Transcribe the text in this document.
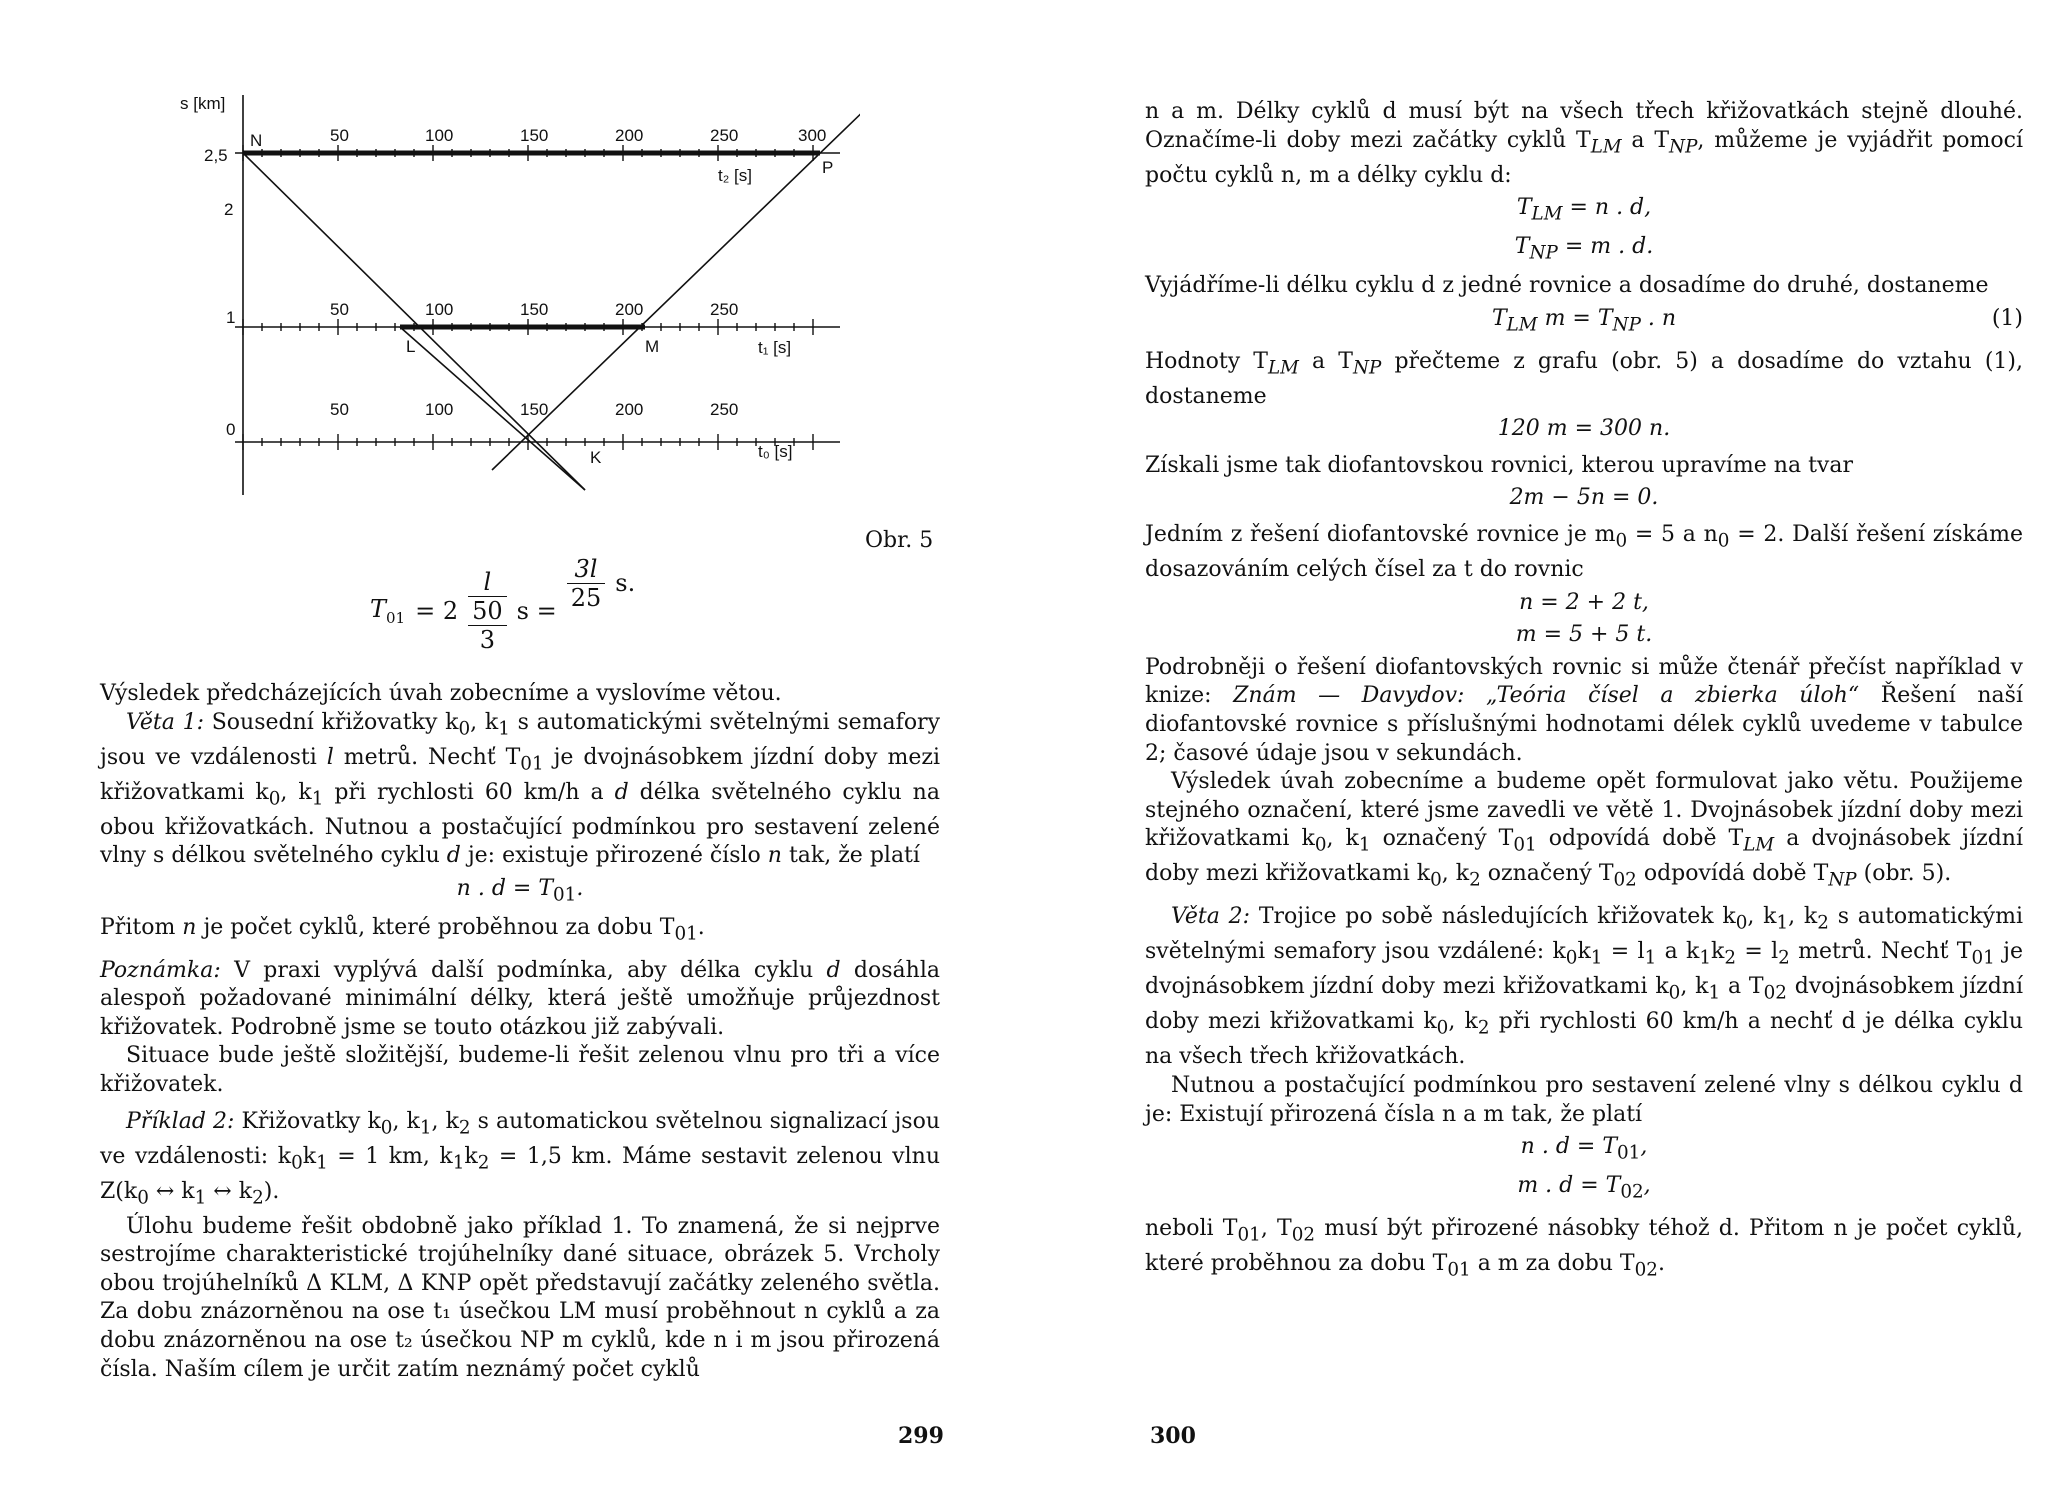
s [km]
2,5
2
1
0
50	100	150	200	250	300
t₂ [s]
50	100	150	200	250
t₁ [s]
50	100	150	200	250
t₀ [s]
N
P
L	M
K
Obr. 5
$T_{01} = 2$
l
50
3
$s = \frac{3l}{25} s$.

Výsledek předcházejících úvah zobecníme a vyslovíme větou.

Věta 1: Sousední křižovatky $k_0$, $k_1$ s automatickými světelnými semafory jsou ve vzdálenosti l metrů. Nechť $T_{01}$ je dvojnásobkem jízdní doby mezi křižovatkami $k_0$, $k_1$ při rychlosti 60 km/h a d délka světelného cyklu na obou křižovatkách. Nutnou a postačující podmínkou pro sestavení zelené vlny s délkou světelného cyklu d je: existuje přirozené číslo n tak, že platí

n . $d = T_{01}$.

Přitom n je počet cyklů, které proběhnou za dobu $T_{01}$.

Poznámka: V praxi vyplývá další podmínka, aby délka cyklu d dosáhla alespoň požadované minimální délky, která ještě umožňuje průjezdnost křižovatek. Podrobně jsme se touto otázkou již zabývali.

Situace bude ještě složitější, budeme-li řešit zelenou vlnu pro tři a více křižovatek.

Příklad 2: Křižovatky $k_0$, $k_1$, $k_2$ s automatickou světelnou signalizací jsou ve vzdálenosti: $k_0k_1 = 1$ km, $k_1k_2 = 1,5$ km. Máme sestavit zelenou vlnu $Z(k_0$ ↔ $k_1$ ↔ $k_2$).

Úlohu budeme řešit obdobně jako příklad 1. To znamená, že si nejprve sestrojíme charakteristické trojúhelníky dané situace, obrázek 5. Vrcholy obou trojúhelníků Δ KLM, Δ KNP opět představují začátky zeleného světla. Za dobu znázorněnou na ose t₁ úsečkou LM musí proběhnout n cyklů a za dobu znázorněnou na ose t₂ úsečkou NP m cyklů, kde n i m jsou přirozená čísla. Naším cílem je určit zatím neznámý počet cyklů

299

n a m. Délky cyklů d musí být na všech třech křižovatkách stejně dlouhé. Označíme-li doby mezi začátky cyklů $T_{LM}$ a $T_{NP}$, můžeme je vyjádřit pomocí počtu cyklů n, m a délky cyklu d:

$T_{LM} = n$ . d,

$T_{NP} = m$ . d.

Vyjádříme-li délku cyklu d z jedné rovnice a dosadíme do druhé, dostaneme

$T_{LM}$ $m = T_{NP}$ . n	(1)

Hodnoty $T_{LM}$ a $T_{NP}$ přečteme z grafu (obr. 5) a dosadíme do vztahu (1), dostaneme

120 m = 300 n.

Získali jsme tak diofantovskou rovnici, kterou upravíme na tvar

2m − 5n = 0.

Jedním z řešení diofantovské rovnice je $m_0 = 5$ a $n_0 = 2$. Další řešení získáme dosazováním celých čísel za t do rovnic

n = 2 + 2 t,

m = 5 + 5 t.

Podrobněji o řešení diofantovských rovnic si může čtenář přečíst například v knize: Znám — Davydov: „Teória čísel a zbierka úloh“ Řešení naší diofantovské rovnice s příslušnými hodnotami délek cyklů uvedeme v tabulce 2; časové údaje jsou v sekundách.

Výsledek úvah zobecníme a budeme opět formulovat jako větu. Použijeme stejného označení, které jsme zavedli ve větě 1. Dvojnásobek jízdní doby mezi křižovatkami $k_0$, $k_1$ označený $T_{01}$ odpovídá době $T_{LM}$ a dvojnásobek jízdní doby mezi křižovatkami $k_0$, $k_2$ označený $T_{02}$ odpovídá době $T_{NP}$ (obr. 5).

Věta 2: Trojice po sobě následujících křižovatek $k_0$, $k_1$, $k_2$ s automatickými světelnými semafory jsou vzdálené: $k_0k_1 = l_1$ a $k_1k_2 = l_2$ metrů. Nechť $T_{01}$ je dvojnásobkem jízdní doby mezi křižovatkami $k_0$, $k_1$ a $T_{02}$ dvojnásobkem jízdní doby mezi křižovatkami $k_0$, $k_2$ při rychlosti 60 km/h a nechť d je délka cyklu na všech třech křižovatkách.

Nutnou a postačující podmínkou pro sestavení zelené vlny s délkou cyklu d je: Existují přirozená čísla n a m tak, že platí

n . $d = T_{01}$,

m . $d = T_{02}$,

neboli $T_{01}$, $T_{02}$ musí být přirozené násobky téhož d. Přitom n je počet cyklů, které proběhnou za dobu $T_{01}$ a m za dobu $T_{02}$.

300
